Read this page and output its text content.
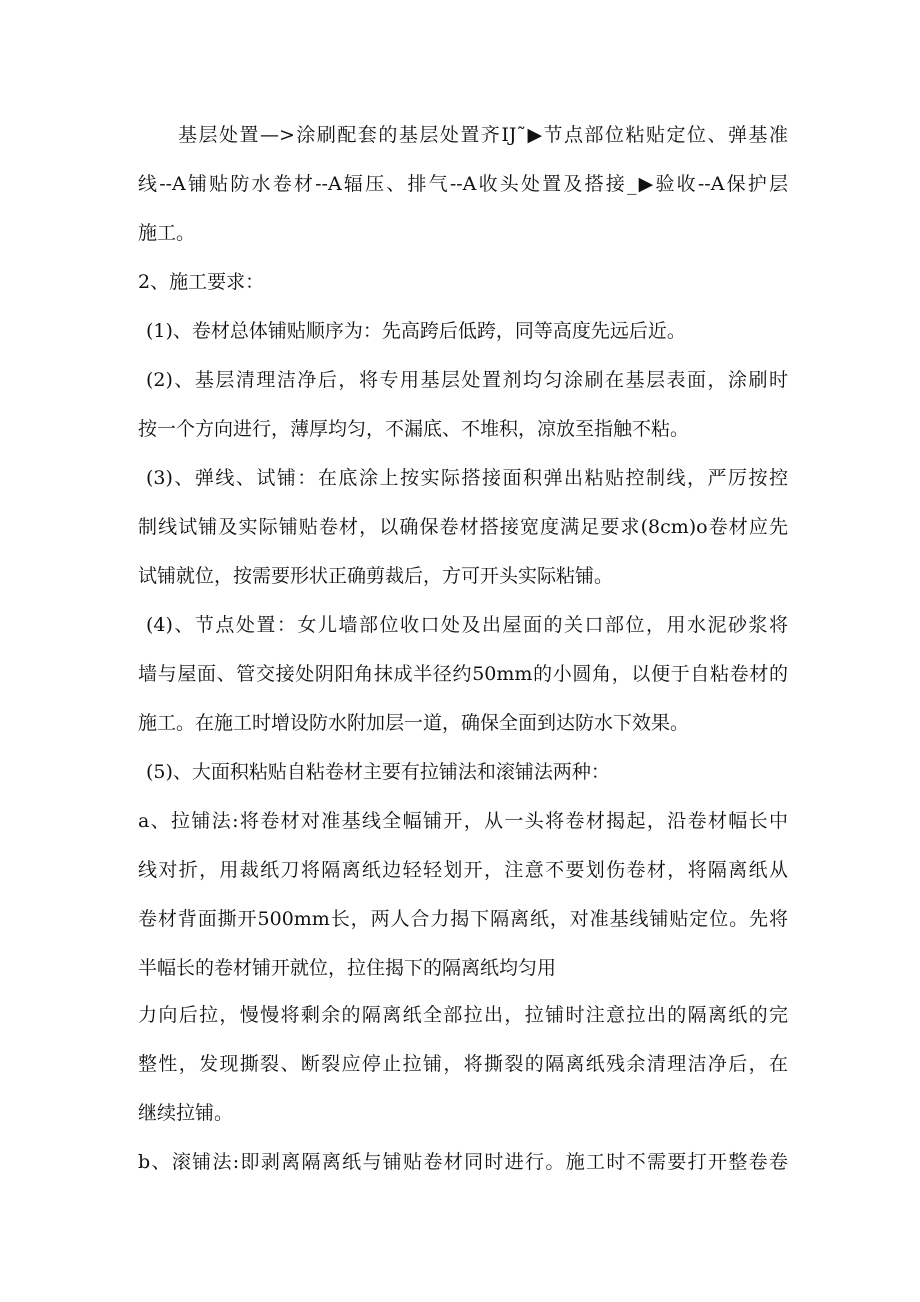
基层处置—>涂刷配套的基层处置齐IJ˜▶节点部位粘贴定位、弹基准
线--A铺贴防水卷材--A辐压、排气--A收头处置及搭接_▶验收--A保护层
施工。
2、施工要求：
(1)、卷材总体铺贴顺序为：先高跨后低跨，同等高度先远后近。
(2)、基层清理洁净后，将专用基层处置剂均匀涂刷在基层表面，涂刷时
按一个方向进行，薄厚均匀，不漏底、不堆积，凉放至指触不粘。
(3)、弹线、试铺：在底涂上按实际搭接面积弹出粘贴控制线，严厉按控
制线试铺及实际铺贴卷材，以确保卷材搭接宽度满足要求(8cm)o卷材应先
试铺就位，按需要形状正确剪裁后，方可开头实际粘铺。
(4)、节点处置：女儿墙部位收口处及出屋面的关口部位，用水泥砂浆将
墙与屋面、管交接处阴阳角抹成半径约50mm的小圆角，以便于自粘卷材的
施工。在施工时增设防水附加层一道，确保全面到达防水下效果。
(5)、大面积粘贴自粘卷材主要有拉铺法和滚铺法两种：
a、拉铺法:将卷材对准基线全幅铺开，从一头将卷材揭起，沿卷材幅长中
线对折，用裁纸刀将隔离纸边轻轻划开，注意不要划伤卷材，将隔离纸从
卷材背面撕开500mm长，两人合力揭下隔离纸，对准基线铺贴定位。先将
半幅长的卷材铺开就位，拉住揭下的隔离纸均匀用
力向后拉，慢慢将剩余的隔离纸全部拉出，拉铺时注意拉出的隔离纸的完
整性，发现撕裂、断裂应停止拉铺，将撕裂的隔离纸残余清理洁净后，在
继续拉铺。
b、滚铺法:即剥离隔离纸与铺贴卷材同时进行。施工时不需要打开整卷卷
